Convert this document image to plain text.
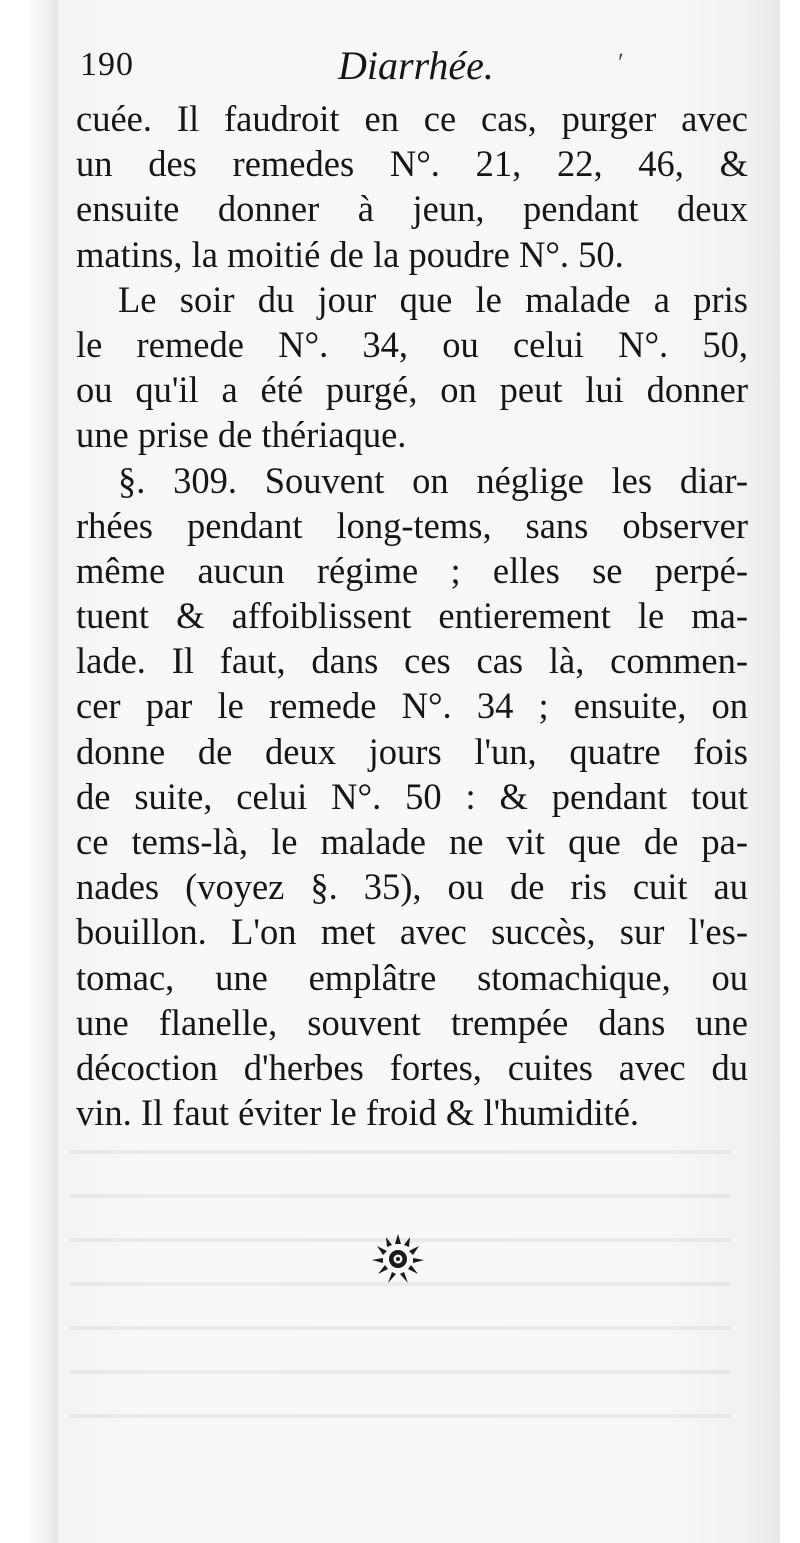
190	Diarrhée.	ʹ
cuée. Il faudroit en ce cas, purger avec
un des remedes N°. 21, 22, 46, &
ensuite donner à jeun, pendant deux
matins, la moitié de la poudre N°. 50.
Le soir du jour que le malade a pris
le remede N°. 34, ou celui N°. 50,
ou qu'il a été purgé, on peut lui donner
une prise de thériaque.
§. 309. Souvent on néglige les diar-
rhées pendant long-tems, sans observer
même aucun régime ; elles se perpé-
tuent & affoiblissent entierement le ma-
lade. Il faut, dans ces cas là, commen-
cer par le remede N°. 34 ; ensuite, on
donne de deux jours l'un, quatre fois
de suite, celui N°. 50 : & pendant tout
ce tems-là, le malade ne vit que de pa-
nades (voyez §. 35), ou de ris cuit au
bouillon. L'on met avec succès, sur l'es-
tomac, une emplâtre stomachique, ou
une flanelle, souvent trempée dans une
décoction d'herbes fortes, cuites avec du
vin. Il faut éviter le froid & l'humidité.
